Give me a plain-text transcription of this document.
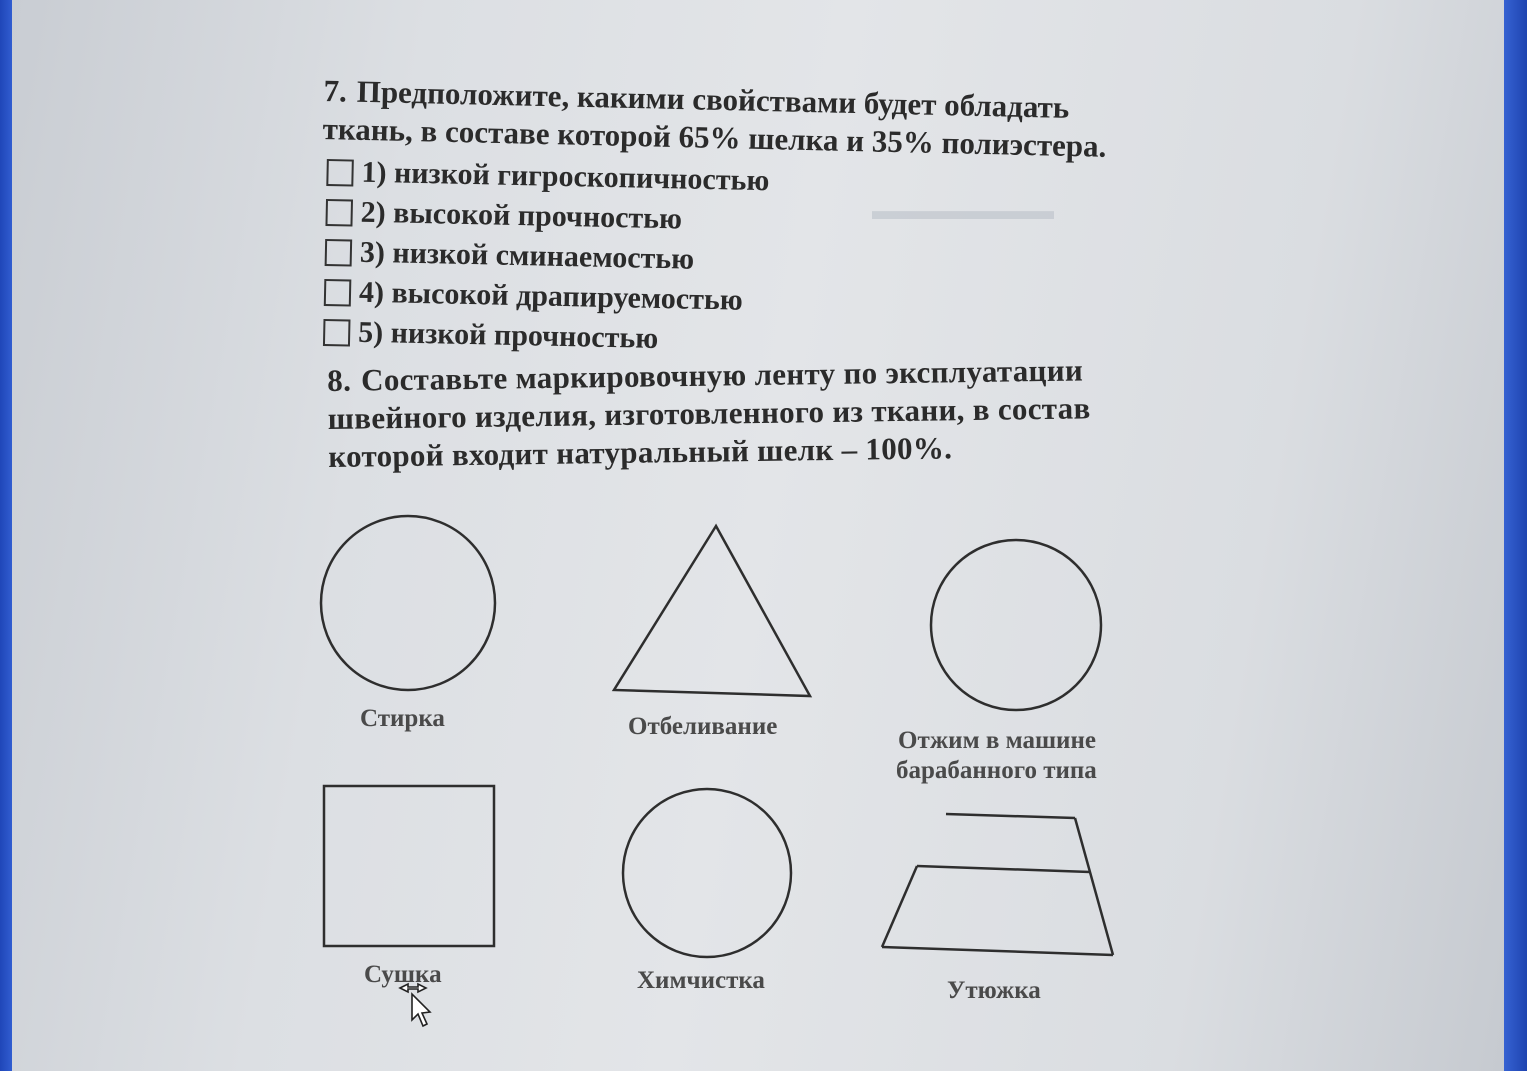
▬▬▬▬▬▬▬
7. Предположите, какими свойствами будет обладать
ткань, в составе которой 65% шелка и 35% полиэстера.
1) низкой гигроскопичностью
2) высокой прочностью
3) низкой сминаемостью
4) высокой драпируемостью
5) низкой прочностью
8. Составьте маркировочную ленту по эксплуатации
швейного изделия, изготовленного из ткани, в состав
которой входит натуральный шелк – 100%.
Стирка	Отбеливание
Отжим в машине
барабанного типа
Сушка	Химчистка	Утюжка
